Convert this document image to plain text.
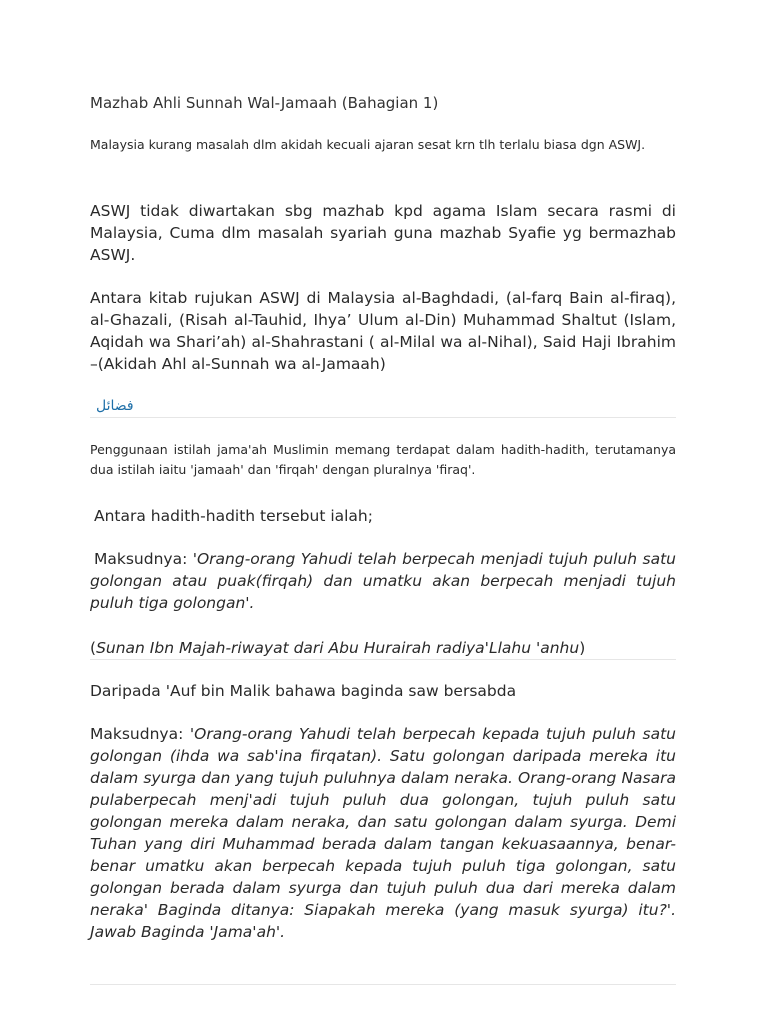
Mazhab Ahli Sunnah Wal-Jamaah (Bahagian 1)
Malaysia kurang masalah dlm akidah kecuali ajaran sesat krn tlh terlalu biasa dgn ASWJ.
ASWJ tidak diwartakan sbg mazhab kpd agama Islam secara rasmi di Malaysia, Cuma dlm masalah syariah guna mazhab Syafie yg bermazhab ASWJ.
Antara kitab rujukan ASWJ di Malaysia al-Baghdadi, (al-farq Bain al-firaq), al-Ghazali, (Risah al-Tauhid, Ihya’ Ulum al-Din) Muhammad Shaltut (Islam, Aqidah wa Shari’ah) al-Shahrastani ( al-Milal wa al-Nihal), Said Haji Ibrahim –(Akidah Ahl al-Sunnah wa al-Jamaah)
فضائل
Penggunaan istilah jama'ah Muslimin memang terdapat dalam hadith-hadith, terutamanya dua istilah iaitu 'jamaah' dan 'firqah' dengan pluralnya 'firaq'.
Antara hadith-hadith tersebut ialah;
Maksudnya: 'Orang-orang Yahudi telah berpecah menjadi tujuh puluh satu golongan atau puak(firqah) dan umatku akan berpecah menjadi tujuh puluh tiga golongan'.
(Sunan Ibn Majah-riwayat dari Abu Hurairah radiya'Llahu 'anhu)
Daripada 'Auf bin Malik bahawa baginda saw bersabda
Maksudnya: 'Orang-orang Yahudi telah berpecah kepada tujuh puluh satu golongan (ihda wa sab'ina firqatan). Satu golongan daripada mereka itu dalam syurga dan yang tujuh puluhnya dalam neraka. Orang-orang Nasara pulaberpecah menj'adi tujuh puluh dua golongan, tujuh puluh satu golongan mereka dalam neraka, dan satu golongan dalam syurga. Demi Tuhan yang diri Muhammad berada dalam tangan kekuasaannya, benar-benar umatku akan berpecah kepada tujuh puluh tiga golongan, satu golongan berada dalam syurga dan tujuh puluh dua dari mereka dalam neraka' Baginda ditanya: Siapakah mereka (yang masuk syurga) itu?'. Jawab Baginda 'Jama'ah'.
